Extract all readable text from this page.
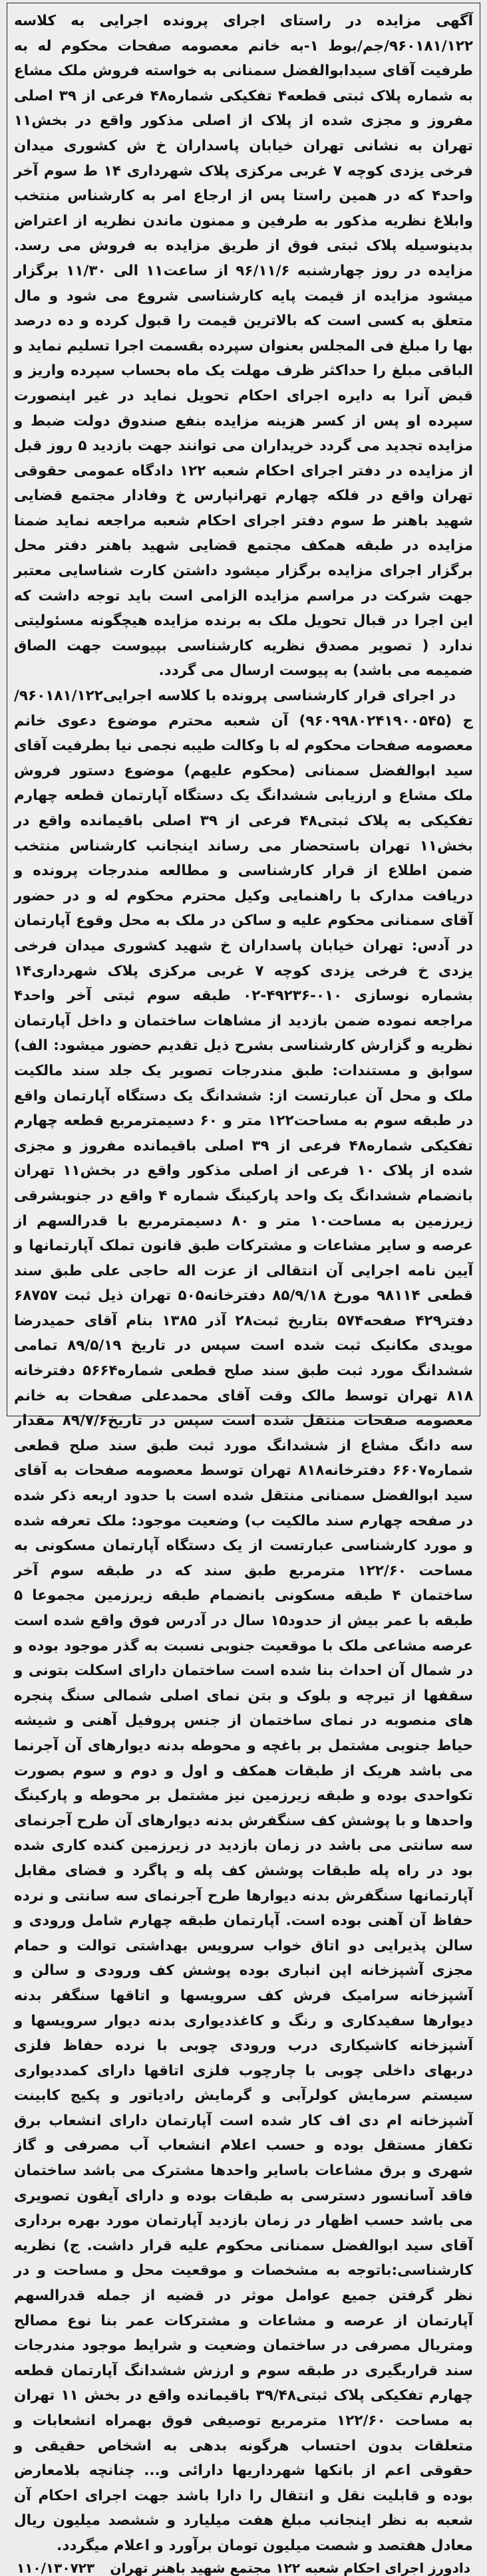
آگهی مزایده در راستای اجرای پرونده اجرایی به کلاسه ۹۶۰۱۸۱/۱۲۲/جم/بوط ۱-به خانم معصومه صفحات محکوم له به طرفیت آقای سیدابوالفضل سمنانی به خواسته فروش ملک مشاع به شماره پلاک ثبتی قطعه۴ تفکیکی شماره۴۸ فرعی از ۳۹ اصلی مفروز و مجزی شده از پلاک از اصلی مذکور واقع در بخش۱۱ تهران به نشانی تهران خیابان پاسداران خ ش کشوری میدان فرخی یزدی کوچه ۷ غربی مرکزی پلاک شهرداری ۱۴ ط سوم آخر واحد۴ که در همین راستا پس از ارجاع امر به کارشناس منتخب وابلاغ نظریه مذکور به طرفین و ممنون ماندن نظریه از اعتراض بدینوسیله پلاک ثبتی فوق از طریق مزایده به فروش می رسد. مزایده در روز چهارشنبه ۹۶/۱۱/۶ از ساعت۱۱ الی ۱۱/۳۰ برگزار میشود مزایده از قیمت پایه کارشناسی شروع می شود و مال متعلق به کسی است که بالاترین قیمت را قبول کرده و ده درصد بها را مبلغ فی المجلس بعنوان سپرده بقسمت اجرا تسلیم نماید و الباقی مبلغ را حداکثر ظرف مهلت یک ماه بحساب سپرده واریز و قبض آنرا به دایره اجرای احکام تحویل نماید در غیر اینصورت سپرده او پس از کسر هزینه مزایده بنفع صندوق دولت ضبط و مزایده تجدید می گردد خریداران می توانند جهت بازدید ۵ روز قبل از مزایده در دفتر اجرای احکام شعبه ۱۲۲ دادگاه عمومی حقوقی تهران واقع در فلکه چهارم تهرانپارس خ وفادار مجتمع قضایی شهید باهنر ط سوم دفتر اجرای احکام شعبه مراجعه نماید ضمنا مزایده در طبقه همکف مجتمع قضایی شهید باهنر دفتر محل برگزار اجرای مزایده برگزار میشود داشتن کارت شناسایی معتبر جهت شرکت در مراسم مزایده الزامی است باید توجه داشت که این اجرا در قبال تحویل ملک به برنده مزایده هیچگونه مسئولیتی ندارد ( تصویر مصدق نظریه کارشناسی بپیوست جهت الصاق ضمیمه می باشد) به پیوست ارسال می گردد.

در اجرای قرار کارشناسی پرونده با کلاسه اجرایی۹۶۰۱۸۱/۱۲۲/ج (۹۶۰۹۹۸۰۲۴۱۹۰۰۵۴۵) آن شعبه محترم موضوع دعوی خانم معصومه صفحات محکوم له با وکالت طیبه نجمی نیا بطرفیت آقای سید ابوالفضل سمنانی (محکوم علیهم) موضوع دستور فروش ملک مشاع و ارزیابی ششدانگ یک دستگاه آپارتمان قطعه چهارم تفکیکی به پلاک ثبتی۴۸ فرعی از ۳۹ اصلی باقیمانده واقع در بخش۱۱ تهران باستحضار می رساند اینجانب کارشناس منتخب ضمن اطلاع از قرار کارشناسی و مطالعه مندرجات پرونده و دریافت مدارک با راهنمایی وکیل محترم محکوم له و در حضور آقای سمنانی محکوم علیه و ساکن در ملک به محل وقوع آپارتمان در آدس: تهران خیابان پاسداران خ شهید کشوری میدان فرخی یزدی خ فرخی یزدی کوچه ۷ غربی مرکزی پلاک شهرداری۱۴ بشماره نوسازی ۰۱۰-۴۹۲۳۶-۰۲ طبقه سوم ثبتی آخر واحد۴ مراجعه نموده ضمن بازدید از مشاهات ساختمان و داخل آپارتمان نظریه و گزارش کارشناسی بشرح ذیل تقدیم حضور میشود: الف) سوابق و مستندات: طبق مندرجات تصویر یک جلد سند مالکیت ملک و محل آن عبارتست از: ششدانگ یک دستگاه آپارتمان واقع در طبقه سوم به مساحت۱۲۲ متر و ۶۰ دسیمترمربع قطعه چهارم تفکیکی شماره۴۸ فرعی از ۳۹ اصلی باقیمانده مفروز و مجزی شده از پلاک ۱۰ فرعی از اصلی مذکور واقع در بخش۱۱ تهران بانضمام ششدانگ یک واحد پارکینگ شماره ۴ واقع در جنوبشرقی زیرزمین به مساحت۱۰ متر و ۸۰ دسیمترمربع با قدرالسهم از عرصه و سایر مشاعات و مشترکات طبق قانون تملک آپارتمانها و آیین نامه اجرایی آن انتقالی از عزت اله حاجی علی طبق سند قطعی ۹۸۱۱۴ مورخ ۸۵/۹/۱۸ دفترخانه۵۰۵ تهران ذیل ثبت ۶۸۷۵۷ دفتر۴۲۹ صفحه۵۷۴ بتاریخ ثبت۲۸ آذر ۱۳۸۵ بنام آقای حمیدرضا مویدی مکانیک ثبت شده است سپس در تاریخ ۸۹/۵/۱۹ تمامی ششدانگ مورد ثبت طبق سند صلح قطعی شماره۵۶۶۴ دفترخانه ۸۱۸ تهران توسط مالک وقت آقای محمدعلی صفحات به خانم معصومه صفحات منتقل شده است سپس در تاریخ۸۹/۷/۶ مقدار سه دانگ مشاع از ششدانگ مورد ثبت طبق سند صلح قطعی شماره۶۶۰۷ دفترخانه۸۱۸ تهران توسط معصومه صفحات به آقای سید ابوالفضل سمنانی منتقل شده است با حدود اربعه ذکر شده در صفحه چهارم سند مالکیت ب) وضعیت موجود: ملک تعرفه شده و مورد کارشناسی عبارتست از یک دستگاه آپارتمان مسکونی به مساحت ۱۲۲/۶۰ مترمربع طبق سند که در طبقه سوم آخر ساختمان ۴ طبقه مسکونی بانضمام طبقه زیرزمین مجموعا ۵ طبقه با عمر بیش از حدود۱۵ سال در آدرس فوق واقع شده است عرصه مشاعی ملک با موقعیت جنوبی نسبت به گذر موجود بوده و در شمال آن احداث بنا شده است ساختمان دارای اسکلت بتونی و سقفها از تیرچه و بلوک و بتن نمای اصلی شمالی سنگ پنجره های منصوبه در نمای ساختمان از جنس پروفیل آهنی و شیشه حیاط جنوبی مشتمل بر باغچه و محوطه بدنه دیوارهای آن آجرنما می باشد هریک از طبقات همکف و اول و دوم و سوم بصورت تکواحدی بوده و طبقه زیرزمین نیز مشتمل بر محوطه و پارکینگ واحدها و با پوشش کف سنگفرش بدنه دیوارهای آن طرح آجرنمای سه سانتی می باشد در زمان بازدید در زیرزمین کنده کاری شده بود در راه پله طبقات پوشش کف پله و پاگرد و فضای مقابل آپارتمانها سنگفرش بدنه دیوارها طرح آجرنمای سه سانتی و نرده حفاظ آن آهنی بوده است. آپارتمان طبقه چهارم شامل ورودی و سالن پذیرایی دو اتاق خواب سرویس بهداشتی توالت و حمام مجزی آشپزخانه اپن انباری بوده پوشش کف ورودی و سالن و آشپزخانه سرامیک فرش کف سرویسها و اتاقها سنگفر بدنه دیوارها سفیدکاری و رنگ و کاغذدیواری بدنه دیوار سرویسها و آشپزخانه کاشیکاری درب ورودی چوبی با نرده حفاظ فلزی دربهای داخلی چوبی با چارچوب فلزی اتاقها دارای کمددیواری سیستم سرمایش کولرآبی و گرمایش رادیاتور و پکیج کابینت آشپزخانه ام دی اف کار شده است آپارتمان دارای انشعاب برق تکفاز مستقل بوده و حسب اعلام انشعاب آب مصرفی و گاز شهری و برق مشاعات باسایر واحدها مشترک می باشد ساختمان فاقد آسانسور دسترسی به طبقات بوده و دارای آیفون تصویری می باشد حسب اظهار در زمان بازدید آپارتمان مورد بهره برداری آقای سید ابوالفضل سمنانی محکوم علیه قرار داشت. ج) نظریه کارشناسی:باتوجه به مشخصات و موقعیت محل و مساحت و در نظر گرفتن جمیع عوامل موثر در قضیه از جمله قدرالسهم آپارتمان از عرصه و مشاعات و مشترکات عمر بنا نوع مصالح ومتریال مصرفی در ساختمان وضعیت و شرایط موجود مندرجات سند قراربگیری در طبقه سوم و ارزش ششدانگ آپارتمان قطعه چهارم تفکیکی پلاک ثبتی۳۹/۴۸ باقیمانده واقع در بخش ۱۱ تهران به مساحت ۱۲۲/۶۰ مترمربع توصیفی فوق بهمراه انشعابات و متعلقات بدون احتساب هرگونه بدهی به اشخاص حقیقی و حقوقی اعم از بانکها شهرداریها دارائی و... چنانچه بلامعارض بوده و قابلیت نقل و انتقال را دارا باشد جهت اجرای احکام آن شعبه به نظر اینجانب مبلغ هفت میلیارد و ششصد میلیون ریال معادل هفتصد و شصت میلیون تومان برآورد و اعلام میگردد.

دادورز اجرای احکام شعبه ۱۲۲ مجتمع شهید باهنر تهران
۱۱۰/۱۳۰۷۲۳
